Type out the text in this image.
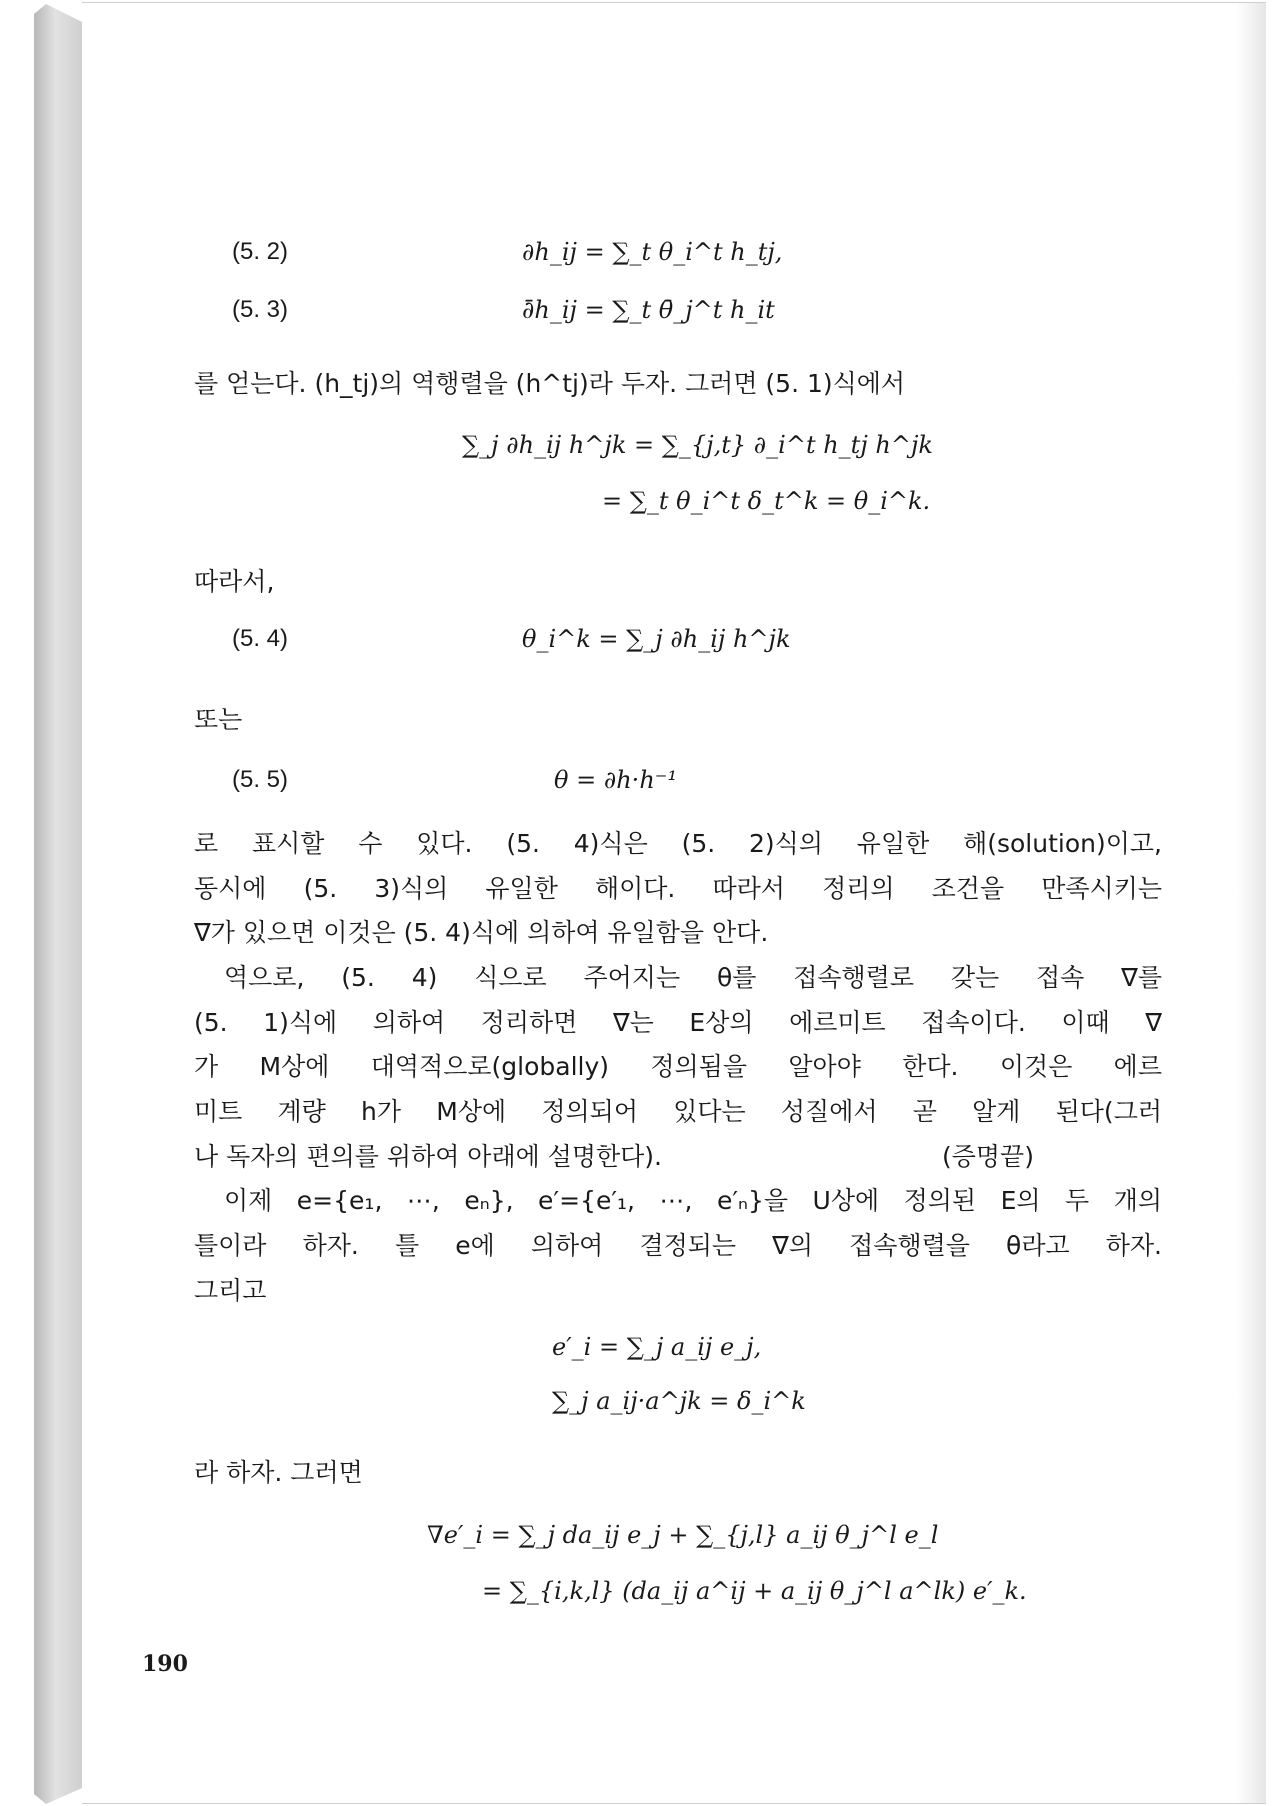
(5. 2)	∂h_ij = ∑_t θ_i^t h_tj,
(5. 3)	∂̄h_ij = ∑_t θ̄_j^t h_it
를 얻는다. (h_tj)의 역행렬을 (h^tj)라 두자. 그러면 (5. 1)식에서
∑_j ∂h_ij h^jk = ∑_{j,t} ∂_i^t h_tj h^jk
= ∑_t θ_i^t δ_t^k = θ_i^k.
따라서,
(5. 4)	θ_i^k = ∑_j ∂h_ij h^jk
또는
(5. 5)	θ = ∂h·h⁻¹
로 표시할 수 있다. (5. 4)식은 (5. 2)식의 유일한 해(solution)이고,
동시에 (5. 3)식의 유일한 해이다. 따라서 정리의 조건을 만족시키는
∇가 있으면 이것은 (5. 4)식에 의하여 유일함을 안다.
역으로, (5. 4) 식으로 주어지는 θ를 접속행렬로 갖는 접속 ∇를
(5. 1)식에 의하여 정리하면 ∇는 E상의 에르미트 접속이다. 이때 ∇
가 M상에 대역적으로(globally) 정의됨을 알아야 한다. 이것은 에르
미트 계량 h가 M상에 정의되어 있다는 성질에서 곧 알게 된다(그러
나 독자의 편의를 위하여 아래에 설명한다).	(증명끝)
이제 e={e₁, ⋯, eₙ}, e′={e′₁, ⋯, e′ₙ}을 U상에 정의된 E의 두 개의
틀이라 하자. 틀 e에 의하여 결정되는 ∇의 접속행렬을 θ라고 하자.
그리고
e′_i = ∑_j a_ij e_j,
∑_j a_ij·a^jk = δ_i^k
라 하자. 그러면
∇e′_i = ∑_j da_ij e_j + ∑_{j,l} a_ij θ_j^l e_l
= ∑_{i,k,l} (da_ij a^ij + a_ij θ_j^l a^lk) e′_k.
190
